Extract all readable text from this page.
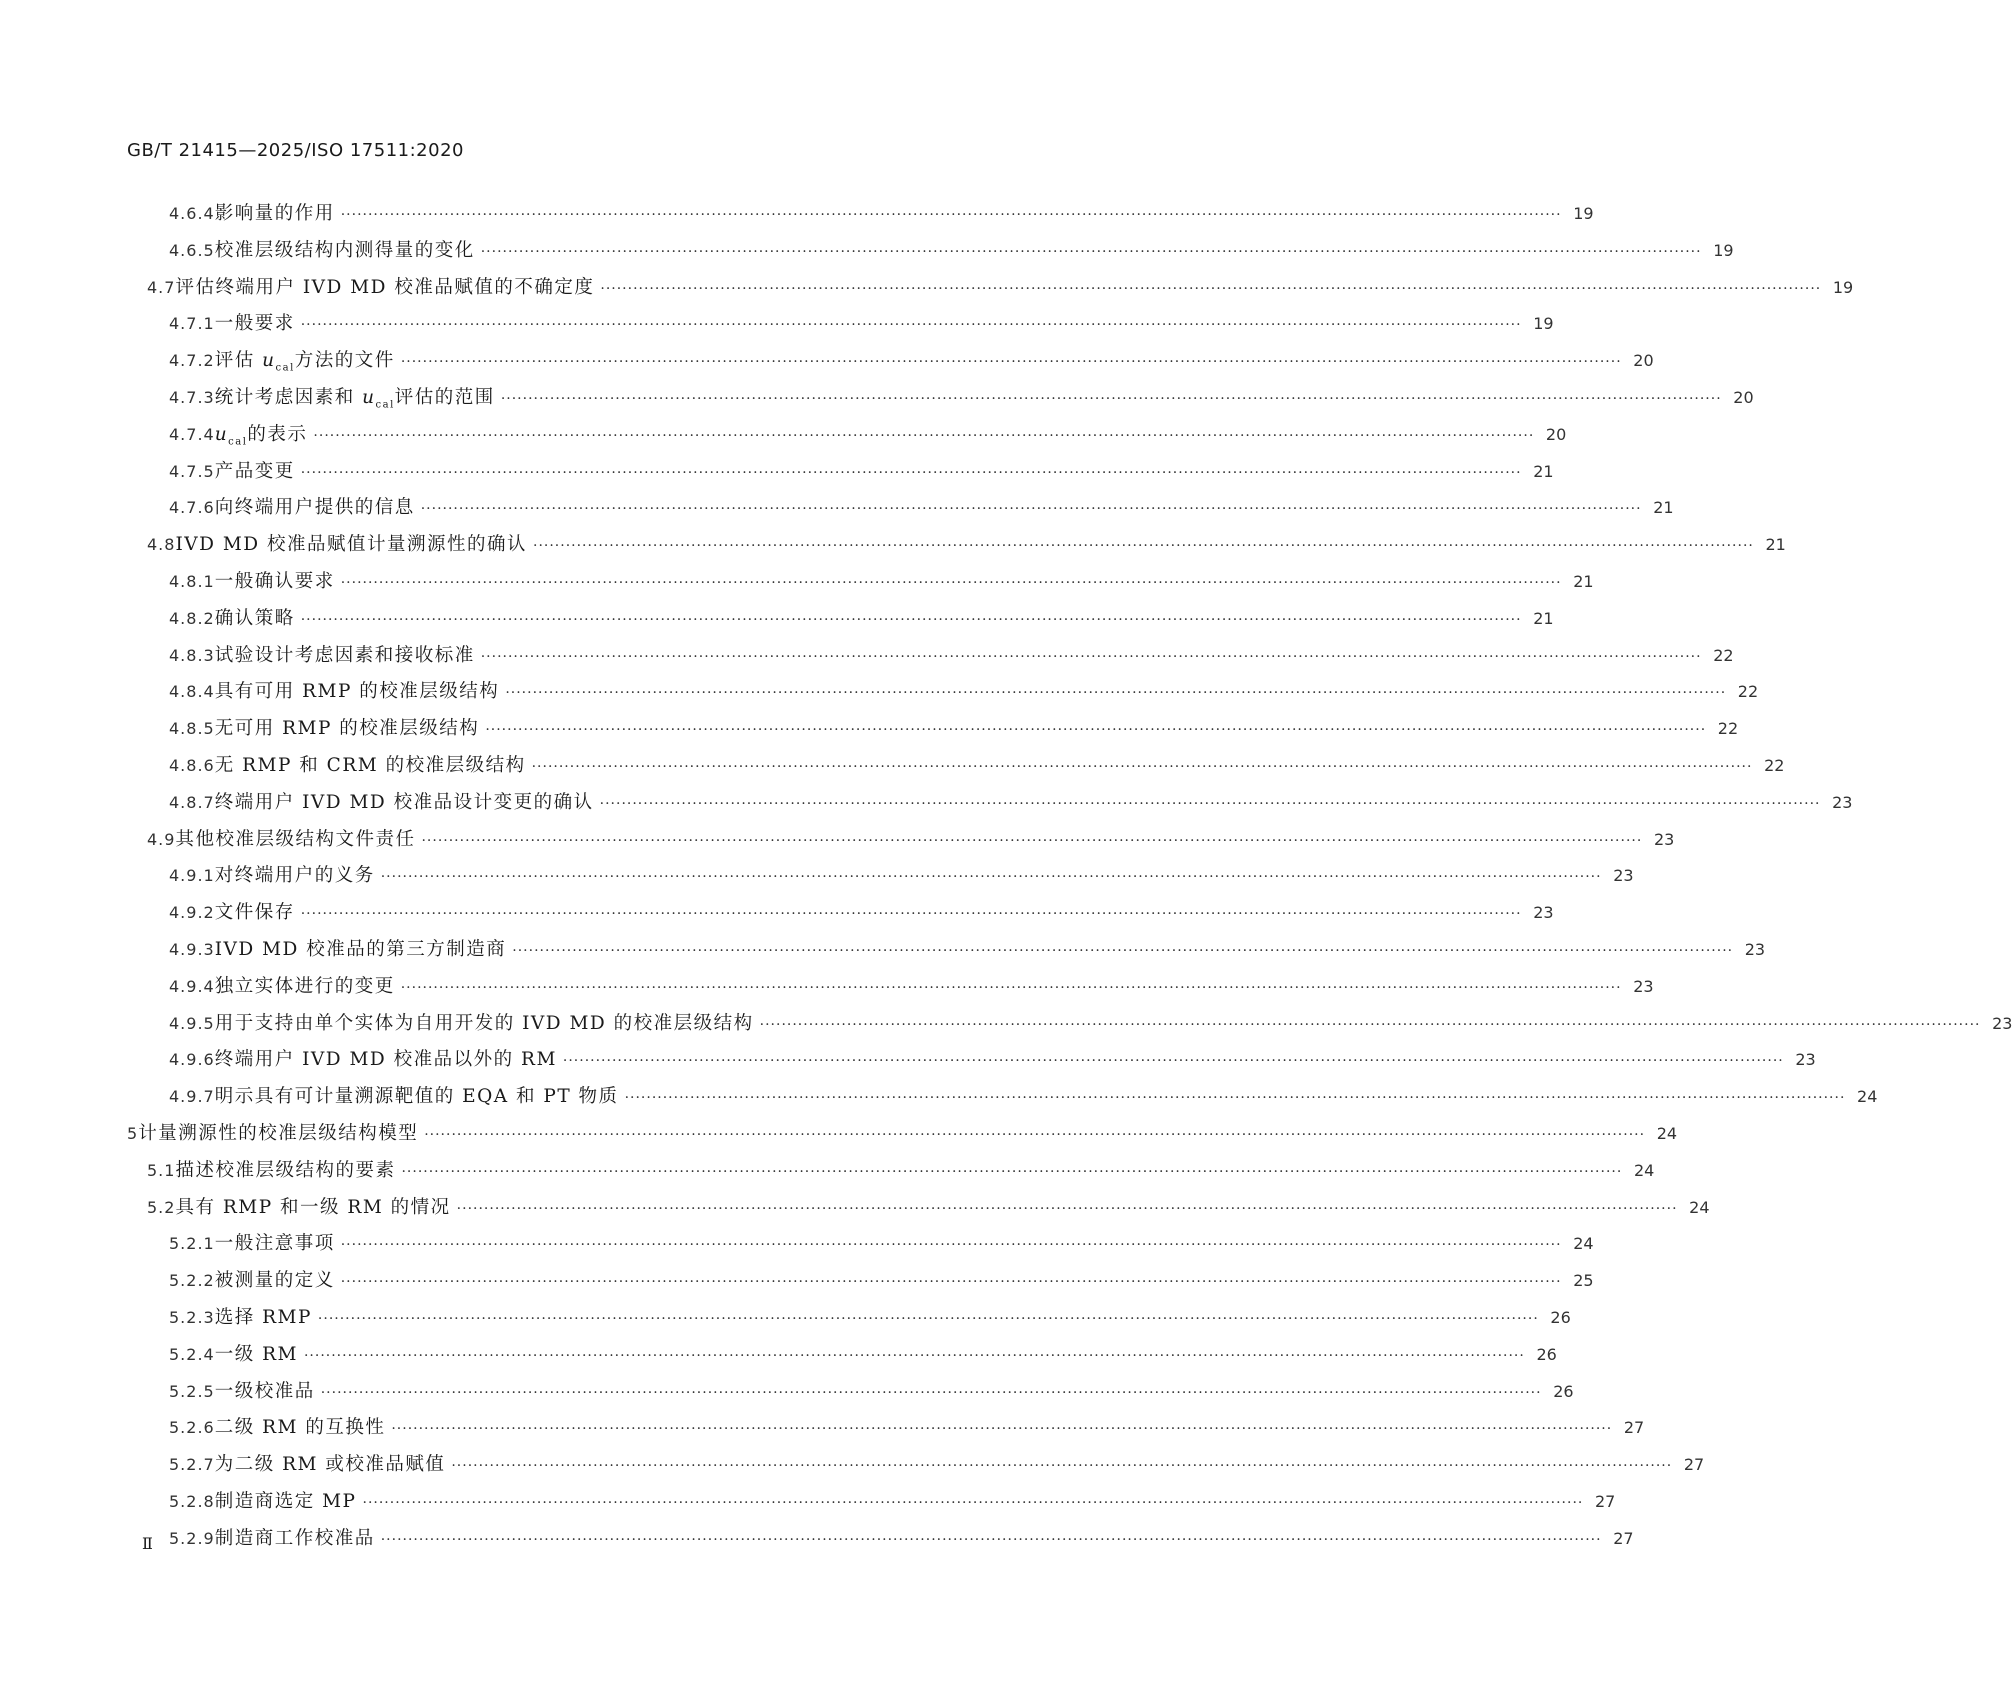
GB/T 21415—2025/ISO 17511:2020
4.6.4 影响量的作用 ·····	19
4.6.5 校准层级结构内测得量的变化 ·····	19
4.7 评估终端用户 IVD MD 校准品赋值的不确定度 ·····	19
4.7.1 一般要求 ·····	19
4.7.2 评估 $u_{cal}$方法的文件 ·····	20
4.7.3 统计考虑因素和 $u_{cal}$评估的范围 ·····	20
4.7.4 $u_{cal}$的表示 ·····	20
4.7.5 产品变更 ·····	21
4.7.6 向终端用户提供的信息 ·····	21
4.8 IVD MD 校准品赋值计量溯源性的确认 ·····	21
4.8.1 一般确认要求 ·····	21
4.8.2 确认策略 ·····	21
4.8.3 试验设计考虑因素和接收标准 ·····	22
4.8.4 具有可用 RMP 的校准层级结构 ·····	22
4.8.5 无可用 RMP 的校准层级结构 ·····	22
4.8.6 无 RMP 和 CRM 的校准层级结构 ·····	22
4.8.7 终端用户 IVD MD 校准品设计变更的确认 ·····	23
4.9 其他校准层级结构文件责任 ·····	23
4.9.1 对终端用户的义务 ·····	23
4.9.2 文件保存 ·····	23
4.9.3 IVD MD 校准品的第三方制造商 ·····	23
4.9.4 独立实体进行的变更 ·····	23
4.9.5 用于支持由单个实体为自用开发的 IVD MD 的校准层级结构 ·····	23
4.9.6 终端用户 IVD MD 校准品以外的 RM ·····	23
4.9.7 明示具有可计量溯源靶值的 EQA 和 PT 物质 ·····	24
5 计量溯源性的校准层级结构模型 ·····	24
5.1 描述校准层级结构的要素 ·····	24
5.2 具有 RMP 和一级 RM 的情况 ·····	24
5.2.1 一般注意事项 ·····	24
5.2.2 被测量的定义 ·····	25
5.2.3 选择 RMP ·····	26
5.2.4 一级 RM ·····	26
5.2.5 一级校准品 ·····	26
5.2.6 二级 RM 的互换性 ·····	27
5.2.7 为二级 RM 或校准品赋值 ·····	27
5.2.8 制造商选定 MP ·····	27
5.2.9 制造商工作校准品 ·····	27
Ⅱ
